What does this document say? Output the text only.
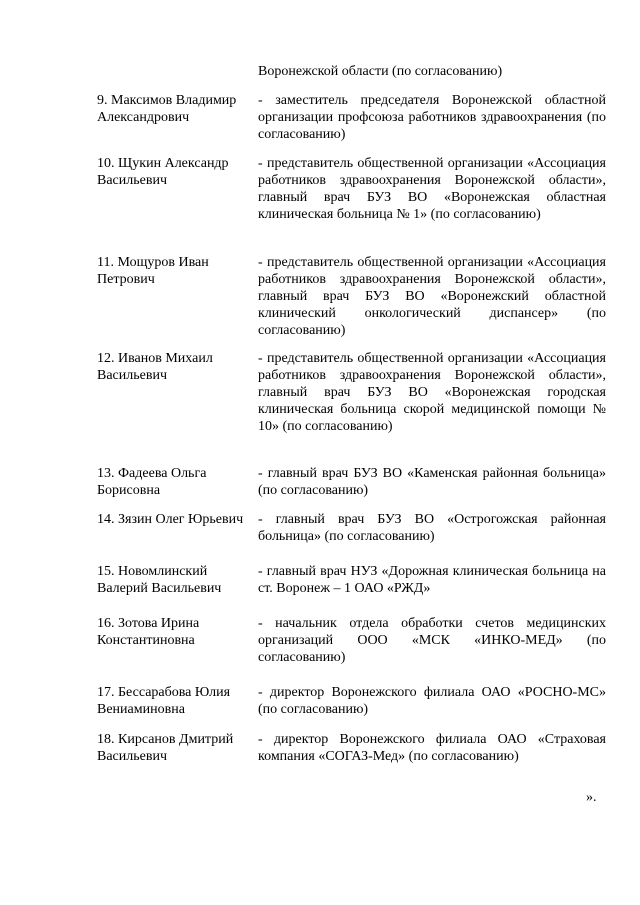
Воронежской области (по согласованию)
9. Максимов Владимир Александрович
- заместитель председателя Воронежской областной организации профсоюза работников здравоохранения (по согласованию)
10. Щукин Александр Васильевич
- представитель общественной организации «Ассоциация работников здравоохранения Воронежской области», главный врач БУЗ ВО «Воронежская областная клиническая больница № 1» (по согласованию)
11. Мощуров Иван Петрович
- представитель общественной организации «Ассоциация работников здравоохранения Воронежской области», главный врач БУЗ ВО «Воронежский областной клинический онкологический диспансер» (по согласованию)
12. Иванов Михаил Васильевич
- представитель общественной организации «Ассоциация работников здравоохранения Воронежской области», главный врач БУЗ ВО «Воронежская городская клиническая больница скорой медицинской помощи № 10» (по согласованию)
13. Фадеева Ольга Борисовна
- главный врач БУЗ ВО «Каменская районная больница» (по согласованию)
14. Зязин Олег Юрьевич	- главный врач БУЗ ВО «Острогожская районная больница» (по согласованию)
15. Новомлинский Валерий Васильевич
- главный врач НУЗ «Дорожная клиническая больница на ст. Воронеж – 1 ОАО «РЖД»
16. Зотова Ирина Константиновна
- начальник отдела обработки счетов медицинских организаций ООО «МСК «ИНКО-МЕД» (по согласованию)
17. Бессарабова Юлия Вениаминовна
- директор Воронежского филиала ОАО «РОСНО-МС» (по согласованию)
18. Кирсанов Дмитрий Васильевич
- директор Воронежского филиала ОАО «Страховая компания «СОГАЗ-Мед» (по согласованию)
».
